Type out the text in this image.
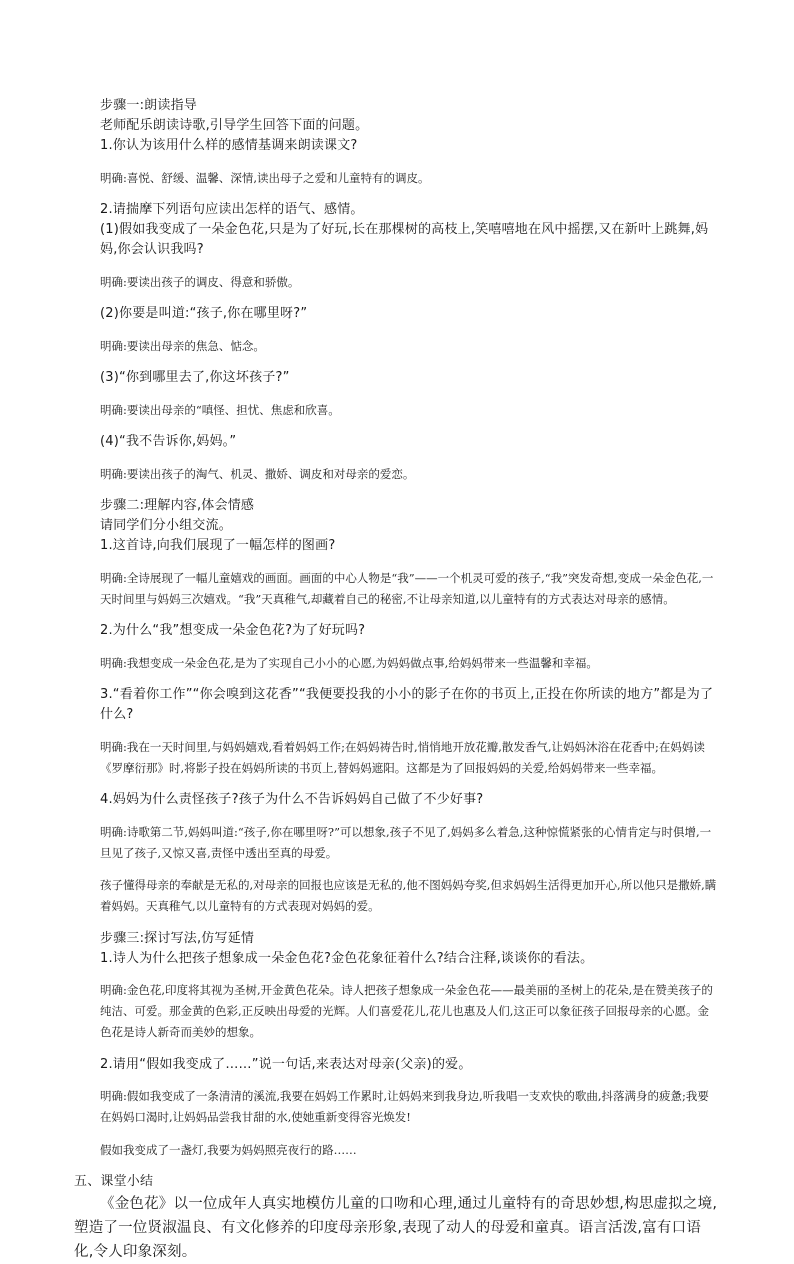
步骤一:朗读指导

老师配乐朗读诗歌,引导学生回答下面的问题。

1.你认为该用什么样的感情基调来朗读课文?

明确:喜悦、舒缓、温馨、深情,读出母子之爱和儿童特有的调皮。

2.请揣摩下列语句应读出怎样的语气、感情。

(1)假如我变成了一朵金色花,只是为了好玩,长在那棵树的高枝上,笑嘻嘻地在风中摇摆,又在新叶上跳舞,妈妈,你会认识我吗?

明确:要读出孩子的调皮、得意和骄傲。

(2)你要是叫道:“孩子,你在哪里呀?”

明确:要读出母亲的焦急、惦念。

(3)“你到哪里去了,你这坏孩子?”

明确:要读出母亲的“嗔怪、担忧、焦虑和欣喜。

(4)“我不告诉你,妈妈。”

明确:要读出孩子的淘气、机灵、撒娇、调皮和对母亲的爱恋。

步骤二:理解内容,体会情感

请同学们分小组交流。

1.这首诗,向我们展现了一幅怎样的图画?

明确:全诗展现了一幅儿童嬉戏的画面。画面的中心人物是“我”——一个机灵可爱的孩子,“我”突发奇想,变成一朵金色花,一天时间里与妈妈三次嬉戏。“我”天真稚气,却藏着自己的秘密,不让母亲知道,以儿童特有的方式表达对母亲的感情。

2.为什么“我”想变成一朵金色花?为了好玩吗?

明确:我想变成一朵金色花,是为了实现自己小小的心愿,为妈妈做点事,给妈妈带来一些温馨和幸福。

3.“看着你工作”“你会嗅到这花香”“我便要投我的小小的影子在你的书页上,正投在你所读的地方”都是为了什么?

明确:我在一天时间里,与妈妈嬉戏,看着妈妈工作;在妈妈祷告时,悄悄地开放花瓣,散发香气,让妈妈沐浴在花香中;在妈妈读《罗摩衍那》时,将影子投在妈妈所读的书页上,替妈妈遮阳。这都是为了回报妈妈的关爱,给妈妈带来一些幸福。

4.妈妈为什么责怪孩子?孩子为什么不告诉妈妈自己做了不少好事?

明确:诗歌第二节,妈妈叫道:“孩子,你在哪里呀?”可以想象,孩子不见了,妈妈多么着急,这种惊慌紧张的心情肯定与时俱增,一旦见了孩子,又惊又喜,责怪中透出至真的母爱。

孩子懂得母亲的奉献是无私的,对母亲的回报也应该是无私的,他不图妈妈夸奖,但求妈妈生活得更加开心,所以他只是撒娇,瞒着妈妈。天真稚气,以儿童特有的方式表现对妈妈的爱。

步骤三:探讨写法,仿写延情

1.诗人为什么把孩子想象成一朵金色花?金色花象征着什么?结合注释,谈谈你的看法。

明确:金色花,印度将其视为圣树,开金黄色花朵。诗人把孩子想象成一朵金色花——最美丽的圣树上的花朵,是在赞美孩子的纯洁、可爱。那金黄的色彩,正反映出母爱的光辉。人们喜爱花儿,花儿也惠及人们,这正可以象征孩子回报母亲的心愿。金色花是诗人新奇而美妙的想象。

2.请用“假如我变成了……”说一句话,来表达对母亲(父亲)的爱。

明确:假如我变成了一条清清的溪流,我要在妈妈工作累时,让妈妈来到我身边,听我唱一支欢快的歌曲,抖落满身的疲惫;我要在妈妈口渴时,让妈妈品尝我甘甜的水,使她重新变得容光焕发!

假如我变成了一盏灯,我要为妈妈照亮夜行的路……

五、课堂小结

《金色花》以一位成年人真实地模仿儿童的口吻和心理,通过儿童特有的奇思妙想,构思虚拟之境,塑造了一位贤淑温良、有文化修养的印度母亲形象,表现了动人的母爱和童真。语言活泼,富有口语化,令人印象深刻。
